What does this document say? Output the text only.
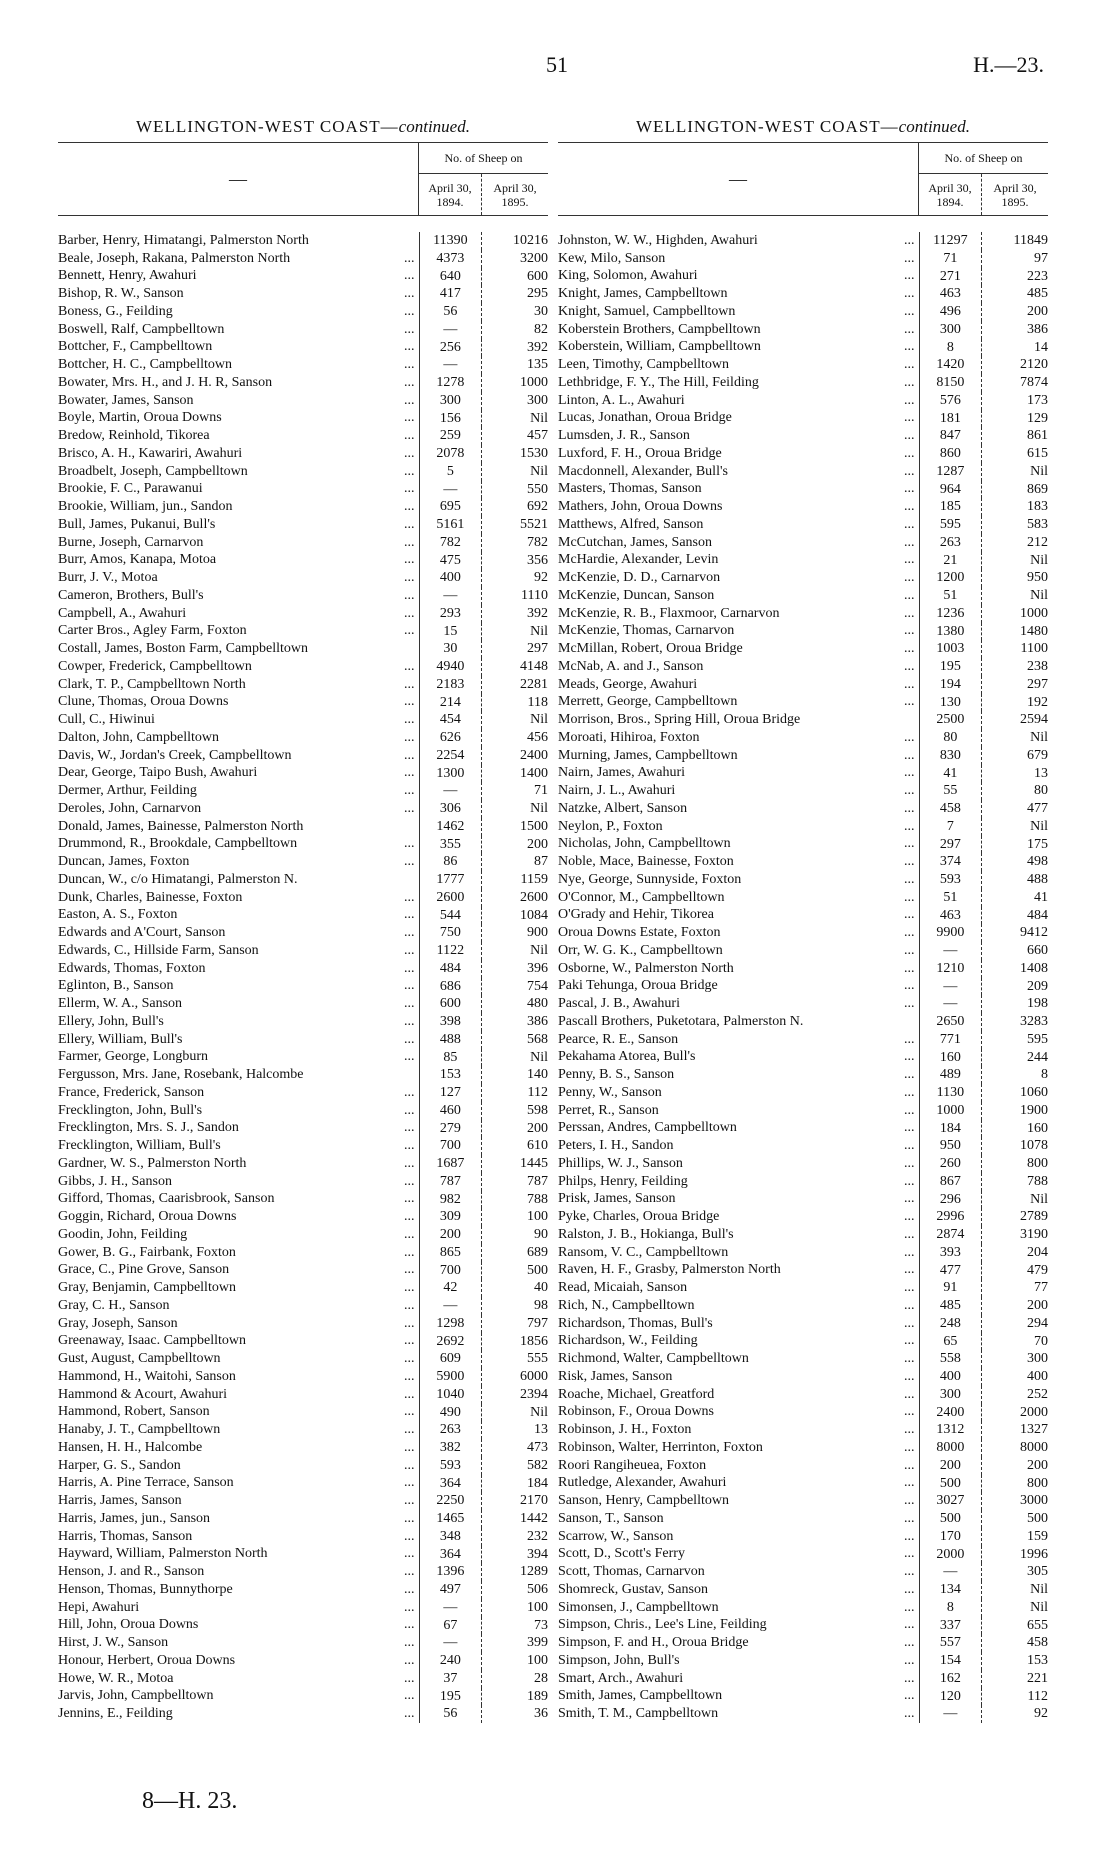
51	H.—23.
WELLINGTON-WEST COAST—continued.
—	No. of Sheep on	
	April 30, 1894.	April 30, 1895.
Barber, Henry, Himatangi, Palmerston North	11390	10216
Beale, Joseph, Rakana, Palmerston North	...	4373	3200
Bennett, Henry, Awahuri	...	640	600
Bishop, R. W., Sanson	...	417	295
Boness, G., Feilding	...	56	30
Boswell, Ralf, Campbelltown	...	—	82
Bottcher, F., Campbelltown	...	256	392
Bottcher, H. C., Campbelltown	...	—	135
Bowater, Mrs. H., and J. H. R, Sanson	...	1278	1000
Bowater, James, Sanson	...	300	300
Boyle, Martin, Oroua Downs	...	156	Nil
Bredow, Reinhold, Tikorea	...	259	457
Brisco, A. H., Kawariri, Awahuri	...	2078	1530
Broadbelt, Joseph, Campbelltown	...	5	Nil
Brookie, F. C., Parawanui	...	—	550
Brookie, William, jun., Sandon	...	695	692
Bull, James, Pukanui, Bull's	...	5161	5521
Burne, Joseph, Carnarvon	...	782	782
Burr, Amos, Kanapa, Motoa	...	475	356
Burr, J. V., Motoa	...	400	92
Cameron, Brothers, Bull's	...	—	1110
Campbell, A., Awahuri	...	293	392
Carter Bros., Agley Farm, Foxton	...	15	Nil
Costall, James, Boston Farm, Campbelltown	30	297
Cowper, Frederick, Campbelltown	...	4940	4148
Clark, T. P., Campbelltown North	...	2183	2281
Clune, Thomas, Oroua Downs	...	214	118
Cull, C., Hiwinui	...	454	Nil
Dalton, John, Campbelltown	...	626	456
Davis, W., Jordan's Creek, Campbelltown	...	2254	2400
Dear, George, Taipo Bush, Awahuri	...	1300	1400
Dermer, Arthur, Feilding	...	—	71
Deroles, John, Carnarvon	...	306	Nil
Donald, James, Bainesse, Palmerston North	1462	1500
Drummond, R., Brookdale, Campbelltown	...	355	200
Duncan, James, Foxton	...	86	87
Duncan, W., c/o Himatangi, Palmerston N.	1777	1159
Dunk, Charles, Bainesse, Foxton	...	2600	2600
Easton, A. S., Foxton	...	544	1084
Edwards and A'Court, Sanson	...	750	900
Edwards, C., Hillside Farm, Sanson	...	1122	Nil
Edwards, Thomas, Foxton	...	484	396
Eglinton, B., Sanson	...	686	754
Ellerm, W. A., Sanson	...	600	480
Ellery, John, Bull's	...	398	386
Ellery, William, Bull's	...	488	568
Farmer, George, Longburn	...	85	Nil
Fergusson, Mrs. Jane, Rosebank, Halcombe	153	140
France, Frederick, Sanson	...	127	112
Frecklington, John, Bull's	...	460	598
Frecklington, Mrs. S. J., Sandon	...	279	200
Frecklington, William, Bull's	...	700	610
Gardner, W. S., Palmerston North	...	1687	1445
Gibbs, J. H., Sanson	...	787	787
Gifford, Thomas, Caarisbrook, Sanson	...	982	788
Goggin, Richard, Oroua Downs	...	309	100
Goodin, John, Feilding	...	200	90
Gower, B. G., Fairbank, Foxton	...	865	689
Grace, C., Pine Grove, Sanson	...	700	500
Gray, Benjamin, Campbelltown	...	42	40
Gray, C. H., Sanson	...	—	98
Gray, Joseph, Sanson	...	1298	797
Greenaway, Isaac. Campbelltown	...	2692	1856
Gust, August, Campbelltown	...	609	555
Hammond, H., Waitohi, Sanson	...	5900	6000
Hammond & Acourt, Awahuri	...	1040	2394
Hammond, Robert, Sanson	...	490	Nil
Hanaby, J. T., Campbelltown	...	263	13
Hansen, H. H., Halcombe	...	382	473
Harper, G. S., Sandon	...	593	582
Harris, A. Pine Terrace, Sanson	...	364	184
Harris, James, Sanson	...	2250	2170
Harris, James, jun., Sanson	...	1465	1442
Harris, Thomas, Sanson	...	348	232
Hayward, William, Palmerston North	...	364	394
Henson, J. and R., Sanson	...	1396	1289
Henson, Thomas, Bunnythorpe	...	497	506
Hepi, Awahuri	...	—	100
Hill, John, Oroua Downs	...	67	73
Hirst, J. W., Sanson	...	—	399
Honour, Herbert, Oroua Downs	...	240	100
Howe, W. R., Motoa	...	37	28
Jarvis, John, Campbelltown	...	195	189
Jennins, E., Feilding	...	56	36
WELLINGTON-WEST COAST—continued.
—	No. of Sheep on	
	April 30, 1894.	April 30, 1895.
Johnston, W. W., Highden, Awahuri	...	11297	11849
Kew, Milo, Sanson	...	71	97
King, Solomon, Awahuri	...	271	223
Knight, James, Campbelltown	...	463	485
Knight, Samuel, Campbelltown	...	496	200
Koberstein Brothers, Campbelltown	...	300	386
Koberstein, William, Campbelltown	...	8	14
Leen, Timothy, Campbelltown	...	1420	2120
Lethbridge, F. Y., The Hill, Feilding	...	8150	7874
Linton, A. L., Awahuri	...	576	173
Lucas, Jonathan, Oroua Bridge	...	181	129
Lumsden, J. R., Sanson	...	847	861
Luxford, F. H., Oroua Bridge	...	860	615
Macdonnell, Alexander, Bull's	...	1287	Nil
Masters, Thomas, Sanson	...	964	869
Mathers, John, Oroua Downs	...	185	183
Matthews, Alfred, Sanson	...	595	583
McCutchan, James, Sanson	...	263	212
McHardie, Alexander, Levin	...	21	Nil
McKenzie, D. D., Carnarvon	...	1200	950
McKenzie, Duncan, Sanson	...	51	Nil
McKenzie, R. B., Flaxmoor, Carnarvon	...	1236	1000
McKenzie, Thomas, Carnarvon	...	1380	1480
McMillan, Robert, Oroua Bridge	...	1003	1100
McNab, A. and J., Sanson	...	195	238
Meads, George, Awahuri	...	194	297
Merrett, George, Campbelltown	...	130	192
Morrison, Bros., Spring Hill, Oroua Bridge	2500	2594
Moroati, Hihiroa, Foxton	...	80	Nil
Murning, James, Campbelltown	...	830	679
Nairn, James, Awahuri	...	41	13
Nairn, J. L., Awahuri	...	55	80
Natzke, Albert, Sanson	...	458	477
Neylon, P., Foxton	...	7	Nil
Nicholas, John, Campbelltown	...	297	175
Noble, Mace, Bainesse, Foxton	...	374	498
Nye, George, Sunnyside, Foxton	...	593	488
O'Connor, M., Campbelltown	...	51	41
O'Grady and Hehir, Tikorea	...	463	484
Oroua Downs Estate, Foxton	...	9900	9412
Orr, W. G. K., Campbelltown	...	—	660
Osborne, W., Palmerston North	...	1210	1408
Paki Tehunga, Oroua Bridge	...	—	209
Pascal, J. B., Awahuri	...	—	198
Pascall Brothers, Puketotara, Palmerston N.	2650	3283
Pearce, R. E., Sanson	...	771	595
Pekahama Atorea, Bull's	...	160	244
Penny, B. S., Sanson	...	489	8
Penny, W., Sanson	...	1130	1060
Perret, R., Sanson	...	1000	1900
Perssan, Andres, Campbelltown	...	184	160
Peters, I. H., Sandon	...	950	1078
Phillips, W. J., Sanson	...	260	800
Philps, Henry, Feilding	...	867	788
Prisk, James, Sanson	...	296	Nil
Pyke, Charles, Oroua Bridge	...	2996	2789
Ralston, J. B., Hokianga, Bull's	...	2874	3190
Ransom, V. C., Campbelltown	...	393	204
Raven, H. F., Grasby, Palmerston North	...	477	479
Read, Micaiah, Sanson	...	91	77
Rich, N., Campbelltown	...	485	200
Richardson, Thomas, Bull's	...	248	294
Richardson, W., Feilding	...	65	70
Richmond, Walter, Campbelltown	...	558	300
Risk, James, Sanson	...	400	400
Roache, Michael, Greatford	...	300	252
Robinson, F., Oroua Downs	...	2400	2000
Robinson, J. H., Foxton	...	1312	1327
Robinson, Walter, Herrinton, Foxton	...	8000	8000
Roori Rangiheuea, Foxton	...	200	200
Rutledge, Alexander, Awahuri	...	500	800
Sanson, Henry, Campbelltown	...	3027	3000
Sanson, T., Sanson	...	500	500
Scarrow, W., Sanson	...	170	159
Scott, D., Scott's Ferry	...	2000	1996
Scott, Thomas, Carnarvon	...	—	305
Shomreck, Gustav, Sanson	...	134	Nil
Simonsen, J., Campbelltown	...	8	Nil
Simpson, Chris., Lee's Line, Feilding	...	337	655
Simpson, F. and H., Oroua Bridge	...	557	458
Simpson, John, Bull's	...	154	153
Smart, Arch., Awahuri	...	162	221
Smith, James, Campbelltown	...	120	112
Smith, T. M., Campbelltown	...	—	92
8—H. 23.
